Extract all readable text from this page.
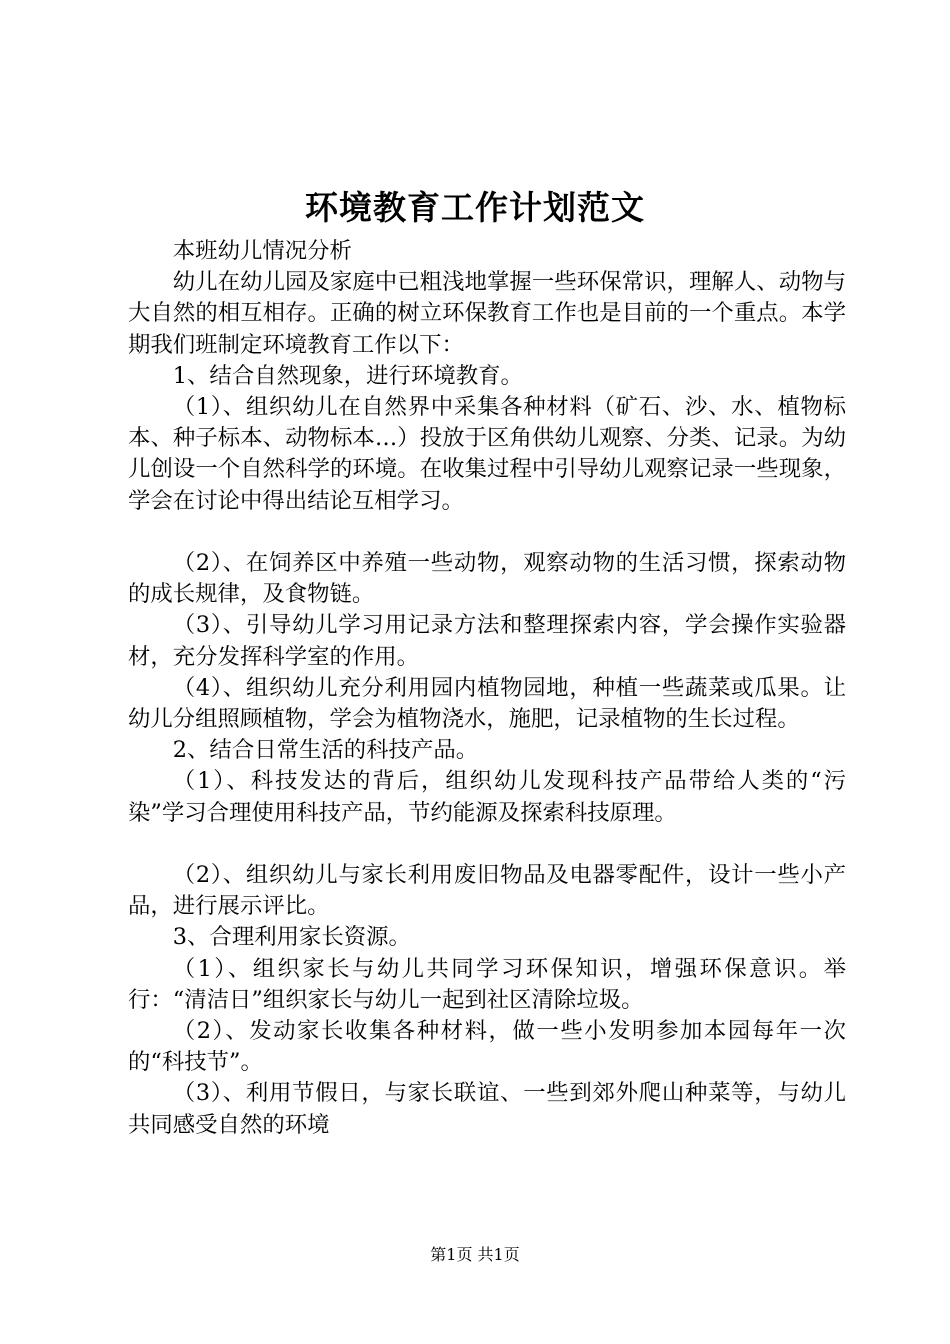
环境教育工作计划范文

本班幼儿情况分析

幼儿在幼儿园及家庭中已粗浅地掌握一些环保常识，理解人、动物与大自然的相互相存。正确的树立环保教育工作也是目前的一个重点。本学期我们班制定环境教育工作以下：

1、结合自然现象，进行环境教育。

（1）、组织幼儿在自然界中采集各种材料（矿石、沙、水、植物标本、种子标本、动物标本…）投放于区角供幼儿观察、分类、记录。为幼儿创设一个自然科学的环境。在收集过程中引导幼儿观察记录一些现象，学会在讨论中得出结论互相学习。

（2）、在饲养区中养殖一些动物，观察动物的生活习惯，探索动物的成长规律，及食物链。

（3）、引导幼儿学习用记录方法和整理探索内容，学会操作实验器材，充分发挥科学室的作用。

（4）、组织幼儿充分利用园内植物园地，种植一些蔬菜或瓜果。让幼儿分组照顾植物，学会为植物浇水，施肥，记录植物的生长过程。

2、结合日常生活的科技产品。

（1）、科技发达的背后，组织幼儿发现科技产品带给人类的“污染”学习合理使用科技产品，节约能源及探索科技原理。

（2）、组织幼儿与家长利用废旧物品及电器零配件，设计一些小产品，进行展示评比。

3、合理利用家长资源。

（1）、组织家长与幼儿共同学习环保知识，增强环保意识。举行：“清洁日”组织家长与幼儿一起到社区清除垃圾。

（2）、发动家长收集各种材料，做一些小发明参加本园每年一次的“科技节”。

（3）、利用节假日，与家长联谊、一些到郊外爬山种菜等，与幼儿共同感受自然的环境

第1页 共1页
